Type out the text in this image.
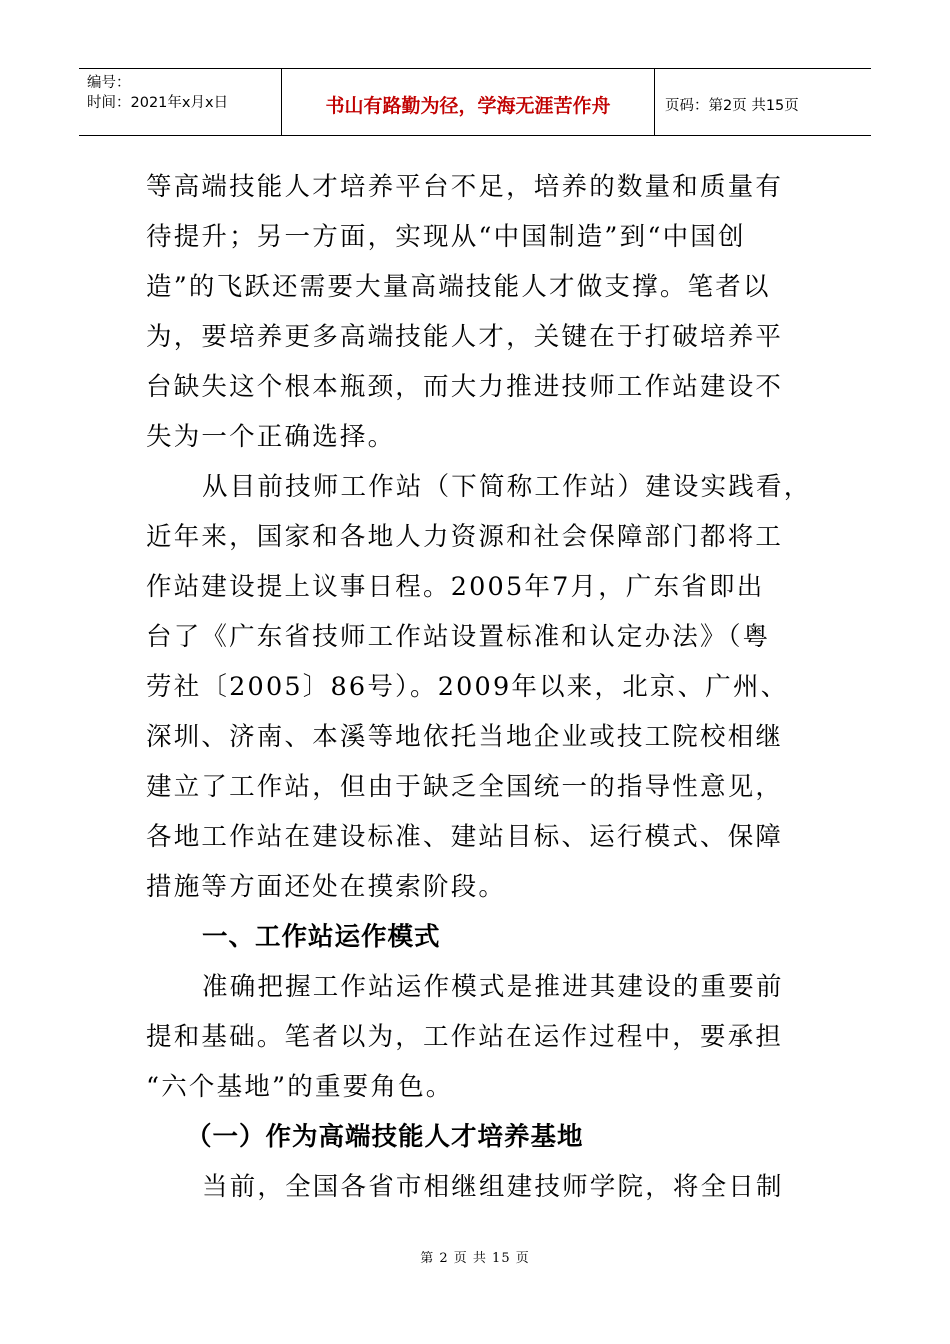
编号：
时间：2021年x月x日	书山有路勤为径，学海无涯苦作舟	页码：第2页 共15页
等高端技能人才培养平台不足，培养的数量和质量有
待提升；另一方面，实现从“中国制造”到“中国创
造”的飞跃还需要大量高端技能人才做支撑。笔者以
为，要培养更多高端技能人才，关键在于打破培养平
台缺失这个根本瓶颈，而大力推进技师工作站建设不
失为一个正确选择。
从目前技师工作站（下简称工作站）建设实践看，
近年来，国家和各地人力资源和社会保障部门都将工
作站建设提上议事日程。2005年7月，广东省即出
台了《广东省技师工作站设置标准和认定办法》（粤
劳社〔2005〕86号）。2009年以来，北京、广州、
深圳、济南、本溪等地依托当地企业或技工院校相继
建立了工作站，但由于缺乏全国统一的指导性意见，
各地工作站在建设标准、建站目标、运行模式、保障
措施等方面还处在摸索阶段。
一、工作站运作模式
准确把握工作站运作模式是推进其建设的重要前
提和基础。笔者以为，工作站在运作过程中，要承担
“六个基地”的重要角色。
（一）作为高端技能人才培养基地
当前，全国各省市相继组建技师学院，将全日制
第 2 页 共 15 页
